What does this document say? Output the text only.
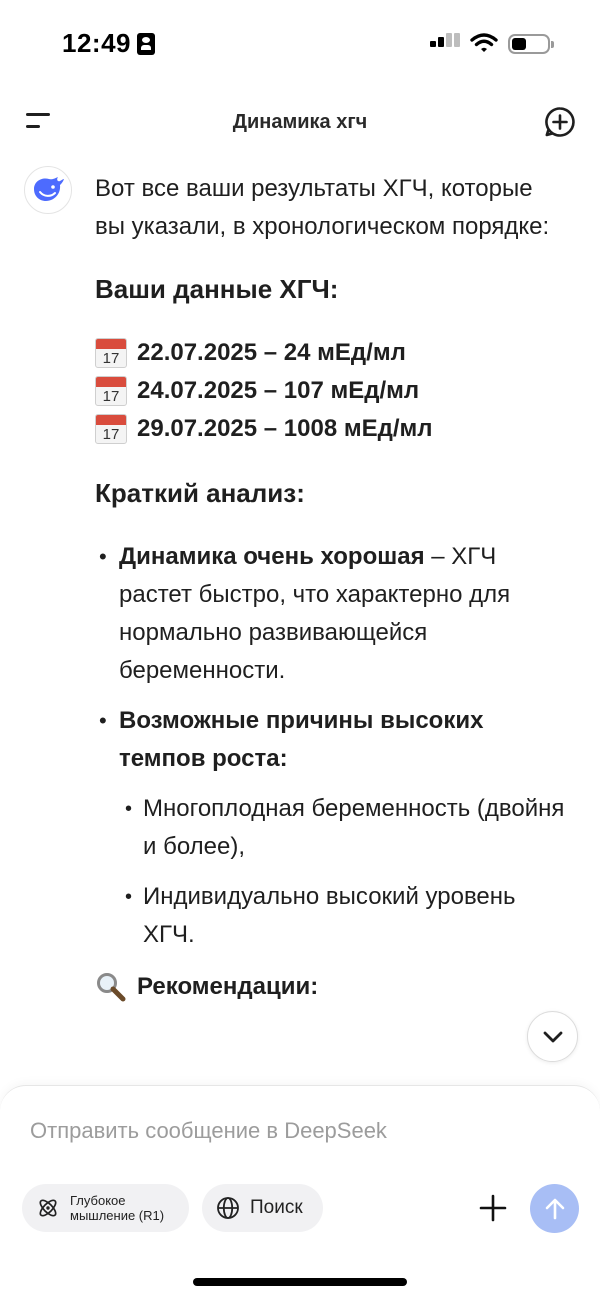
12:49
Динамика хгч

Вот все ваши результаты ХГЧ, которые вы указали, в хронологическом порядке:

Ваши данные ХГЧ:

17 22.07.2025 – 24 мЕд/мл
17 24.07.2025 – 107 мЕд/мл
17 29.07.2025 – 1008 мЕд/мл

Краткий анализ:

• Динамика очень хорошая – ХГЧ растет быстро, что характерно для нормально развивающейся беременности.
• Возможные причины высоких темпов роста:
• Многоплодная беременность (двойня и более),
• Индивидуально высокий уровень ХГЧ.
Рекомендации:
Отправить сообщение в DeepSeek
Глубокое
мышление (R1)	Поиск
